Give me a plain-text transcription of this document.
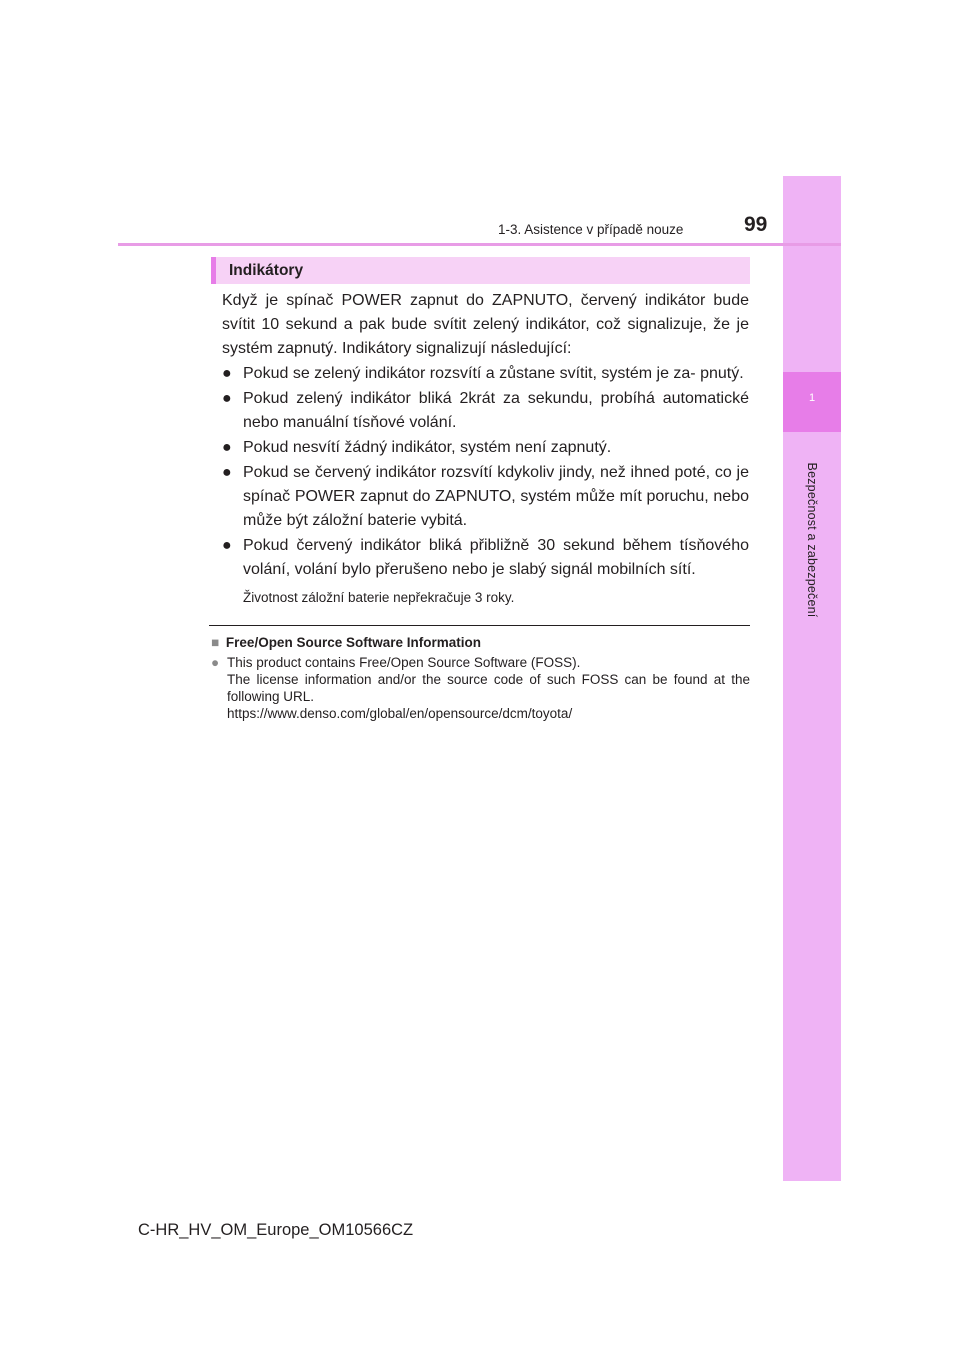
1
Bezpečnost a zabezpečení
1-3. Asistence v případě nouze	99
Indikátory

Když je spínač POWER zapnut do ZAPNUTO, červený indikátor bude svítit 10 sekund a pak bude svítit zelený indikátor, což signalizuje, že je systém zapnutý. Indikátory signalizují následující:

● Pokud se zelený indikátor rozsvítí a zůstane svítit, systém je za- pnutý.
● Pokud zelený indikátor bliká 2krát za sekundu, probíhá automatické nebo manuální tísňové volání.
● Pokud nesvítí žádný indikátor, systém není zapnutý.
● Pokud se červený indikátor rozsvítí kdykoliv jindy, než ihned poté, co je spínač POWER zapnut do ZAPNUTO, systém může mít poruchu, nebo může být záložní baterie vybitá.
● Pokud červený indikátor bliká přibližně 30 sekund během tísňového volání, volání bylo přerušeno nebo je slabý signál mobilních sítí.
Životnost záložní baterie nepřekračuje 3 roky.
■ Free/Open Source Software Information
● This product contains Free/Open Source Software (FOSS).

The license information and/or the source code of such FOSS can be found at the following URL.

https://www.denso.com/global/en/opensource/dcm/toyota/

C-HR_HV_OM_Europe_OM10566CZ
